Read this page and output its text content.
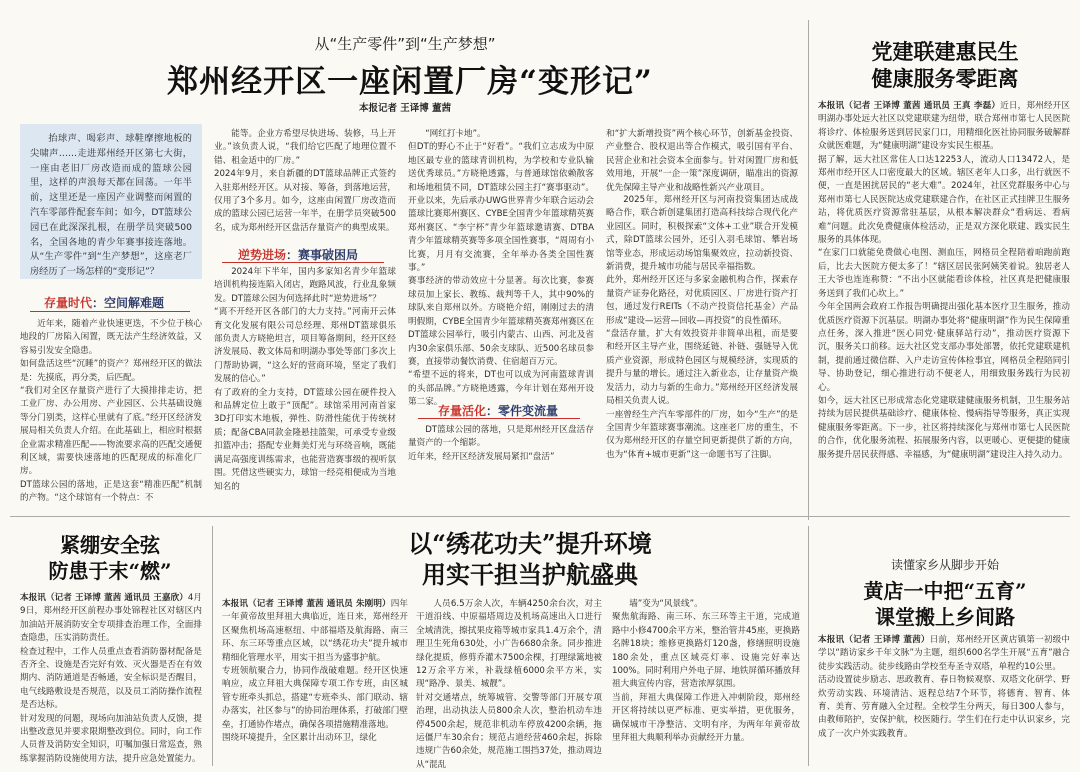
从“生产零件”到“生产梦想”
郑州经开区一座闲置厂房“变形记”
本报记者 王译博 董茜

抬球声、喝彩声、球鞋摩擦地板的尖啸声……走进郑州经开区第七大街，一座由老旧厂房改造而成的篮球公园里，这样的声浪每天都在回荡。一年半前，这里还是一座因产业调整而闲置的汽车零部件配套车间；如今，DT篮球公园已在此深深扎根，在册学员突破500名，全国各地的青少年赛事接连落地。从“生产零件”到“生产梦想”，这座老厂房经历了一场怎样的“变形记”？

存量时代：空间解难题
近年来，随着产业快速更迭，不少位于核心地段的厂房陷入闲置，既无法产生经济效益，又容易引发安全隐患。
如何盘活这些“沉睡”的资产？郑州经开区的做法是：先摸底，再分类，后匹配。
“我们对全区存量资产进行了大摸排排走访，把工业厂房、办公用房、产业园区、公共基础设施等分门别类，这样心里就有了底。”经开区经济发展局相关负责人介绍。在此基础上，相应时根据企业需求精准匹配——物流要求高的匹配交通便利区域，需要快速落地的匹配现成的标准化厂房。
DT篮球公园的落地，正是这套“精准匹配”机制的产物。“这个球馆有一个特点：不
能等。企业方希望尽快进场、装修，马上开业。”该负责人说，“我们给它匹配了地理位置不错、租金适中的厂房。”
2024年9月，来自新疆的DT篮球品牌正式签约入驻郑州经开区。从对接、筹备，到落地运营，仅用了3个多月。如今，这座由闲置厂房改造而成的篮球公园已运营一年半，在册学员突破500名，成为郑州经开区盘活存量资产的典型成果。
逆势进场：赛事破困局
2024年下半年，国内多家知名青少年篮球培训机构接连陷入闭店，跑路风波，行业乱象频发。DT篮球公园为何选择此时“逆势进场”？
“离不开经开区各部门的大力支持。”河南开云体育文化发展有限公司总经理、郑州DT篮球俱乐部负责人方晓艳坦言，项目筹备期间，经开区经济发展局、教文体局和明湖办事处等部门多次上门帮助协调，“这么好的营商环境，坚定了我们发展的信心。”
有了政府的全力支持，DT篮球公园在硬件投入和品牌定位上敢于“顶配”。球馆采用河南首家3D打印实木地板，弹性、防滑性能优于传统材质；配备CBA同款金隆悬挂篮架，可承受专业级扣篮冲击；搭配专业舞美灯光与环绕音响，既能满足高强度训练需求，也能营造赛事级的视听氛围。凭借这些硬实力，球馆一经亮相便成为当地知名的
“网红打卡地”。
但DT的野心不止于“好看”。“我们立志成为中原地区最专业的篮球青训机构，为学校和专业队输送优秀球员。”方晓艳透露，与普通球馆依赖散客和场地租赁不同，DT篮球公园主打“赛事驱动”。开业以来，先后承办UWG世界青少年联合运动会篮球比赛郑州赛区、CYBE全国青少年篮球精英赛郑州赛区、“李宁杯”青少年篮球邀请赛、DTBA青少年篮球精英赛等多项全国性赛事，“周周有小比赛，月月有交流赛，全年举办各类全国性赛事。”
赛事经济的带动效应十分显著。每次比赛，参赛球员加上家长、教练、裁判等千人，其中90%的球队来自郑州以外。方晓艳介绍，刚刚过去的清明假期，CYBE全国青少年篮球精英赛郑州赛区在DT篮球公园举行，吸引内蒙古、山西、河北及省内30余家俱乐部、50余支球队、近500名球员参赛，直接带动餐饮消费、住宿超百万元。
“希望不远的将来，DT也可以成为河南篮球青训的头部品牌。”方晓艳透露，今年计划在郑州开设第二家。
存量活化：零件变流量
DT篮球公园的落地，只是郑州经开区盘活存量资产的一个缩影。
近年来，经开区经济发展局紧扣“盘活”
和“扩大新增投资”两个核心环节，创新基金投资、产业整合、股权退出等合作模式，吸引国有平台、民营企业和社会资本全面参与。针对闲置厂房和低效用地，开展“一企一策”深度调研，瞄准出的资源优先保障主导产业和战略性新兴产业项目。
2025年，郑州经开区与河南投资集团达成战略合作，联合新创建集团打造高科技综合现代化产业园区。同时，积极探索“文体+工业”联合开发模式，除DT篮球公园外，还引入羽毛球馆、攀岩场馆等业态，形成运动场馆集聚效应，拉动新投资、新消费，提升城市功能与居民幸福指数。
此外，郑州经开区还与多家金融机构合作，探索存量资产证券化路径，对优质园区、厂房进行资产打包，通过发行REITs（不动产投资信托基金）产品形成“建设—运营—回收—再投资”的良性循环。
“盘活存量，扩大有效投资并非简单出租，而是要和经开区主导产业，围绕延链、补链、强链导入优质产业资源，形成特色园区与规模经济，实现质的提升与量的增长。通过注入新业态，让存量资产焕发活力，动力与新的生命力。”郑州经开区经济发展局相关负责人说。
一座曾经生产汽车零部件的厂房，如今“生产”的是全国青少年篮球赛事潮流。这座老厂房的重生，不仅为郑州经开区的存量空间更新提供了新的方向，也为“体育+城市更新”这一命题书写了注脚。
党建联建惠民生
健康服务零距离
本报讯（记者 王译博 董茜 通讯员 王真 李磊）近日，郑州经开区明湖办事处远大社区以党建联建为纽带，联合郑州市第七人民医院将诊疗、体检服务送到居民家门口，用精细化医社协同服务破解群众就医难题，为“健康明湖”建设夯实民生根基。
据了解，远大社区常住人口达12253人，流动人口13472人，是郑州市经开区人口密度最大的区域。辖区老年人口多，出行就医不便，一直是困扰居民的“老大难”。2024年，社区党群服务中心与郑州市第七人民医院达成党建联建合作，在社区正式挂牌卫生服务站，将优质医疗资源常驻基层，从根本解决群众“看病远、看病难”问题。此次免费健康体检活动，正是双方深化联建、践实民生服务的具体体现。
“在家门口就能免费做心电图、测血压，网格员全程陪着咱跑前跑后，比去大医院方便太多了！”辖区居民张阿姨笑着说。独居老人王大爷也连连称赞：“不出小区就能看诊体检，社区真是把健康服务送到了我们心坎上。”
今年全国两会政府工作报告明确提出强化基本医疗卫生服务，推动优质医疗资源下沉基层。明湖办事处将“健康明湖”作为民生保障重点任务，深入推进“医心同党·健康驿站行动”，推动医疗资源下沉，服务关口前移。远大社区党支部办事处部署，依托党建联建机制，提前通过微信群、入户走访宣传体检事宜，网格员全程陪同引导、协助登记，细心推进行动不便老人，用细致服务践行为民初心。
如今，远大社区已形成常态化党建联建健康服务机制，卫生服务站持续为居民提供基础诊疗、健康体检、慢病指导等服务，真正实现健康服务零距离。下一步，社区将持续深化与郑州市第七人民医院的合作，优化服务流程、拓展服务内容，以更暖心、更便捷的健康服务提升居民获得感、幸福感，为“健康明湖”建设注入持久动力。
紧绷安全弦
防患于末“燃”
本报讯（记者 王译博 董茜 通讯员 王嘉欣）4月9日，郑州经开区前程办事处锦程社区对辖区内加油站开展消防安全专项排查治理工作，全面排查隐患，压实消防责任。
检查过程中，工作人员重点查看消防器材配备是否齐全、设施是否完好有效、灭火器是否在有效期内、消防通道是否畅通，安全标识是否醒目，电气线路敷设是否规范，以及员工消防操作流程是否达标。
针对发现的问题，现场向加油站负责人反馈，提出整改意见并要求限期整改到位。同时，向工作人员普及消防安全知识，叮嘱加强日常巡查，熟练掌握消防设施使用方法，提升应急处置能力。
以“绣花功夫”提升环境
用实干担当护航盛典
本报讯（记者 王译博 董茜 通讯员 朱刚明）四年一年黄帝故里拜祖大典临近，连日来，郑州经开区聚焦机场高速枢纽、中部福塔及航海路、南三环、东三环等重点区域，以“绣花功夫”提升城市精细化管理水平，用实干担当为盛事护航。
专班领航聚合力，协同作战破难题。经开区快速响应，成立拜祖大典保障专项工作专班，由区城管专班牵头抓总，搭建“专班牵头、部门联动、辖办落实，社区参与”的协同治理体系，打破部门壁垒，打通协作堵点，确保各项措施精准落地。
围绕环境提升，全区累计出动环卫，绿化
人员6.5万余人次，车辆4250余台次，对主干道沿线、中原福塔周边及机场高速出入口进行全域清洗，擦拭果皮箱等城市家具1.4万余个，清理卫生死角630处，小广告6680余条。同步推进绿化提质，修剪乔灌木7500余棵，打理绿篱地被12万余平方米，补栽绿植6000余平方米，实现“路净、景美、城靓”。
针对交通堵点，统筹城管、交警等部门开展专项治理，出动执法人员800余人次，整治机动车违停4500余起，规范非机动车停放4200余辆，拖运僵尸车30余台；规范占道经营460余起，拆除违规广告60余处，规范施工围挡37处，推动周边从“混乱
墙”变为“风景线”。
聚焦航海路、南三环、东三环等主干道，完成道路中小修4700余平方米，整治管井45座，更换路名牌18块；维修更换路灯120盏，修缮照明设施180余处，重点区域亮灯率、设施完好率达100%。同时利用户外电子屏、地铁屏循环播放拜祖大典宣传内容，营造浓厚氛围。
当前，拜祖大典保障工作进入冲刺阶段，郑州经开区将持续以更严标准、更实举措，更优服务，确保城市干净整洁、文明有序，为两年年黄帝故里拜祖大典顺利举办贡献经开力量。
读懂家乡从脚步开始
黄店一中把“五育”
课堂搬上乡间路
本报讯（记者 王译博 董茜）日前，郑州经开区黄店镇第一初级中学以“踏访家乡千年文脉”为主题，组织600名学生开展“五育”融合徒步实践活动。徒步线路由学校至寿圣寺双塔，单程约10公里。
活动设置徒步励志、思政教育、春日物候观察、双塔文化研学、野炊劳动实践、环境清洁、返程总结7个环节，将德育、智育、体育、美育、劳育融入全过程。全校学生分两天，每日300人参与，由教师陪护，安保护航，校医随行。学生们在行走中认识家乡，完成了一次户外实践教育。
